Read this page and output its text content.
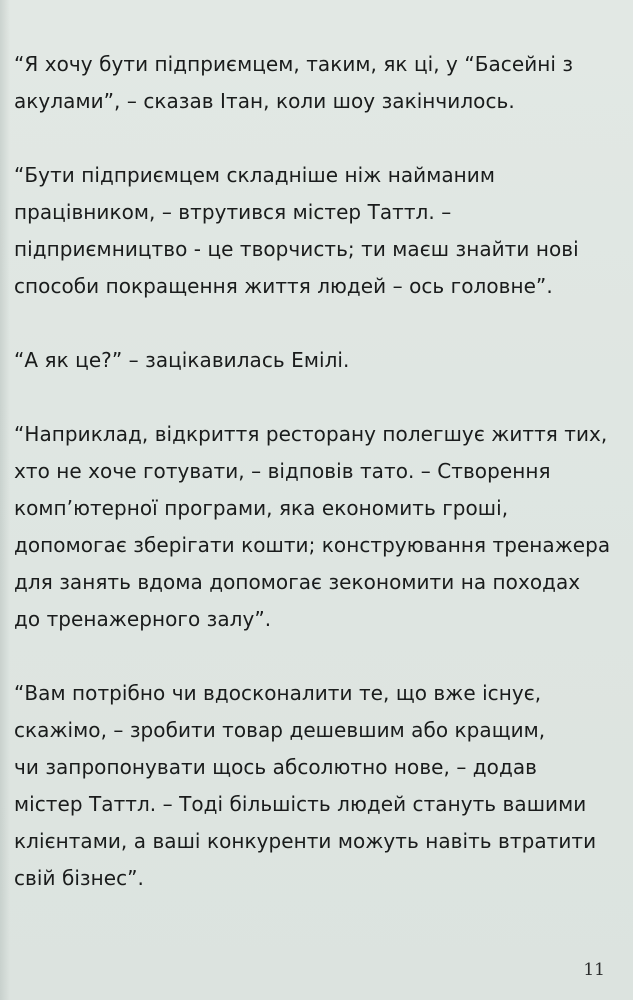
“Я хочу бути підприємцем, таким, як ці, у “Басейні з
акулами”, – сказав Ітан, коли шоу закінчилось.

“Бути підприємцем складніше ніж найманим
працівником, – втрутився містер Таттл. –
підприємництво - це творчисть; ти маєш знайти нові
способи покращення життя людей – ось головне”.

“А як це?” – зацікавилась Емілі.

“Наприклад, відкриття ресторану полегшує життя тих,
хто не хоче готувати, – відповів тато. – Створення
комп’ютерної програми, яка економить гроші,
допомогає зберігати кошти; конструювання тренажера
для занять вдома допомогає зекономити на походах
до тренажерного залу”.

“Вам потрібно чи вдосконалити те, що вже існує,
скажімо, – зробити товар дешевшим або кращим,
чи запропонувати щось абсолютно нове, – додав
містер Таттл. – Тоді більшість людей стануть вашими
клієнтами, а ваші конкуренти можуть навіть втратити
свій бізнес”.

11
